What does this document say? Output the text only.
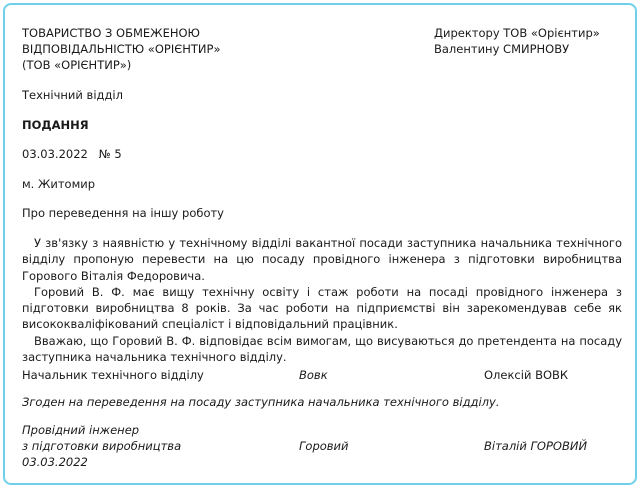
ТОВАРИСТВО З ОБМЕЖЕНОЮ
ВІДПОВІДАЛЬНІСТЮ «ОРІЄНТИР»
(ТОВ «ОРІЄНТИР»)
Директору ТОВ «Орієнтир»
Валентину СМИРНОВУ
Технічний відділ
ПОДАННЯ
03.03.2022   № 5
м. Житомир
Про переведення на іншу роботу

У зв'язку з наявністю у технічному відділі вакантної посади заступника начальника технічного відділу пропоную перевести на цю посаду провідного інженера з підготовки виробництва Горового Віталія Федоровича.

Горовий В. Ф. має вищу технічну освіту і стаж роботи на посаді провідного інженера з підготовки виробництва 8 років. За час роботи на підприємстві він зарекомендував себе як висококваліфікований спеціаліст і відповідальний працівник.

Вважаю, що Горовий В. Ф. відповідає всім вимогам, що висуваються до претендента на посаду заступника начальника технічного відділу.

Начальник технічного відділу	Вовк	Олексій ВОВК
Згоден на переведення на посаду заступника начальника технічного відділу.
Провідний інженер
з підготовки виробництва	Горовий	Віталій ГОРОВИЙ
03.03.2022
